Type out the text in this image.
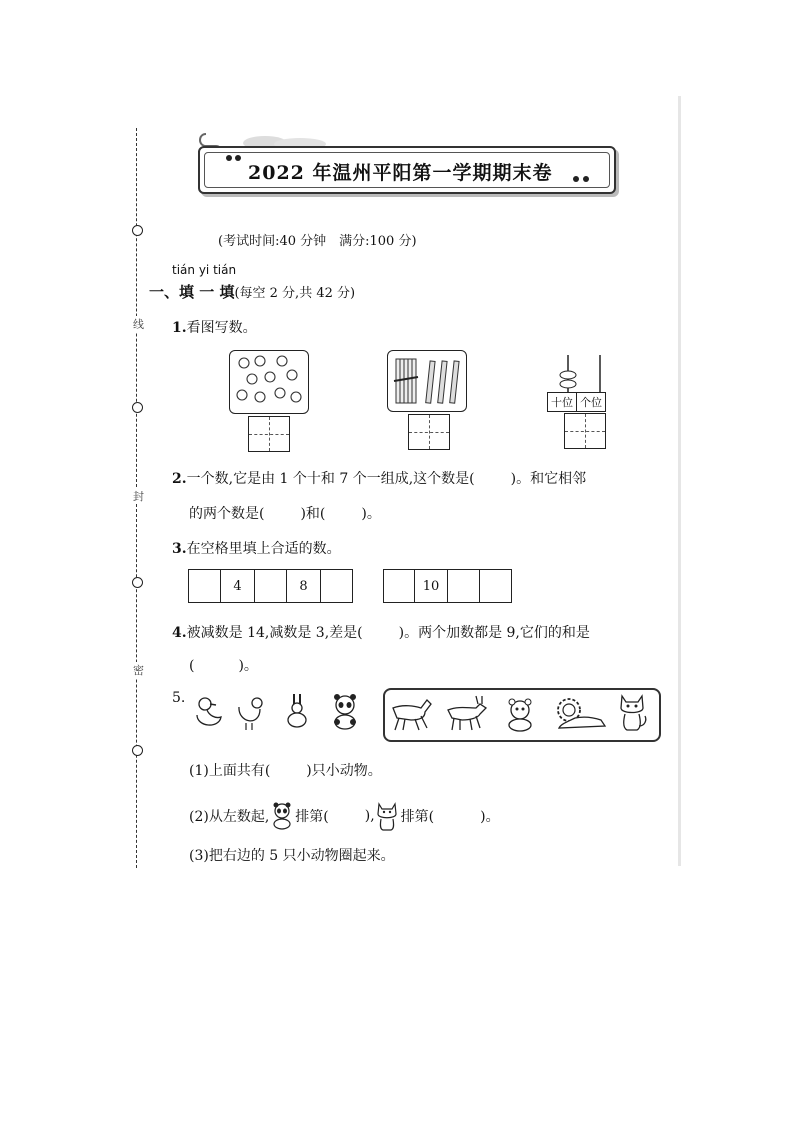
线
封
密
2022 年温州平阳第一学期期末卷
(考试时间:40 分钟　满分:100 分)
tián yi tián
一、填 一 填(每空 2 分,共 42 分)
1.看图写数。
十位 个位
2.一个数,它是由 1 个十和 7 个一组成,这个数是(	)。和它相邻
的两个数是(	)和(	)。
3.在空格里填上合适的数。
4	8	10
4.被减数是 14,减数是 3,差是(	)。两个加数都是 9,它们的和是
(	)。
5.
(1)上面共有(	)只小动物。
(2)从左数起, 排第(	), 排第(	)。
(3)把右边的 5 只小动物圈起来。
